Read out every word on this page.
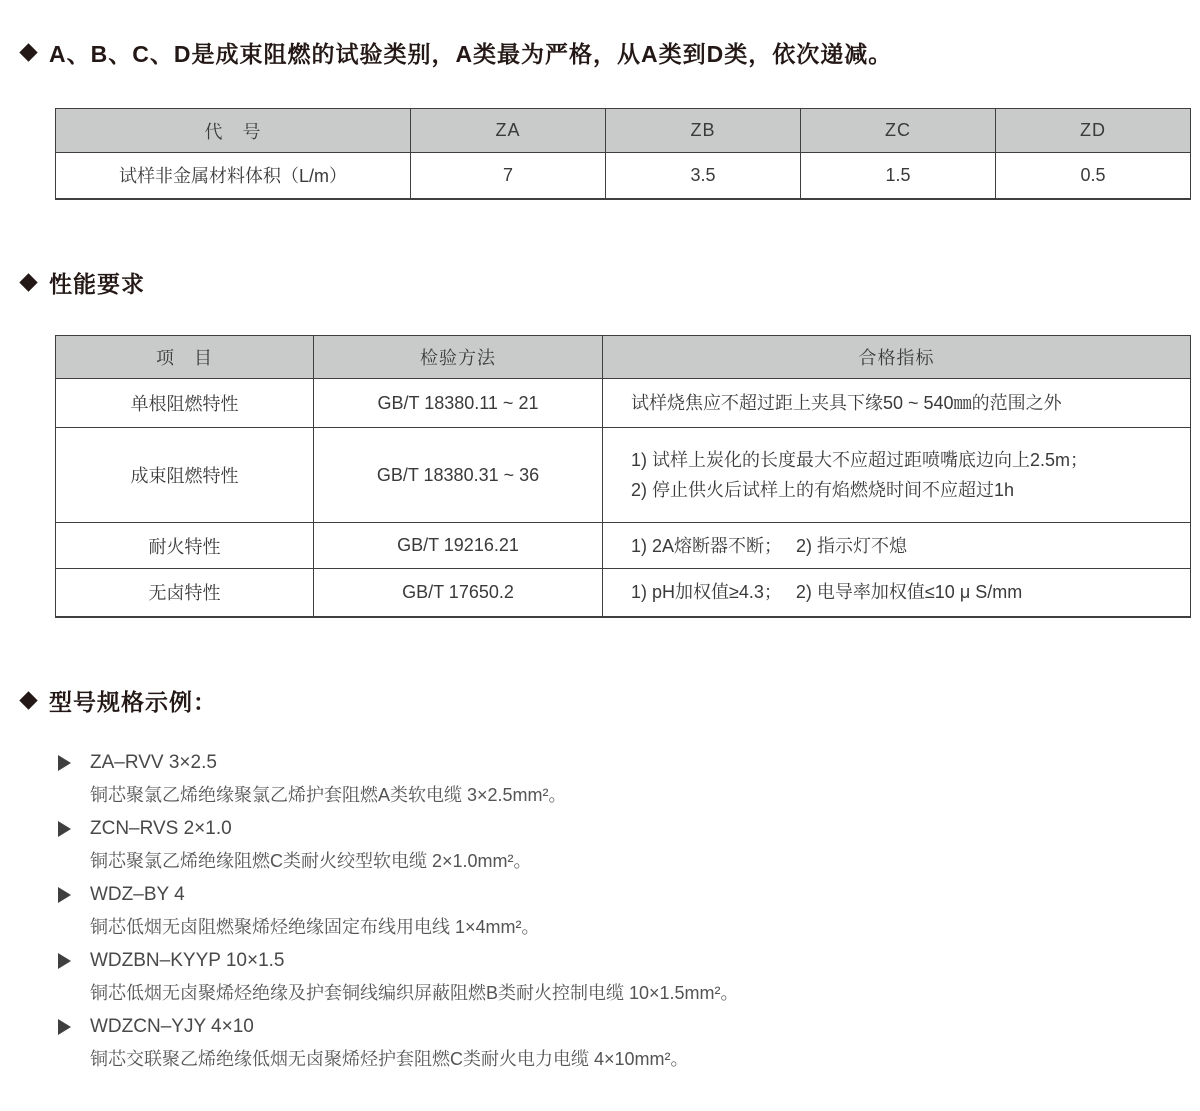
A、B、C、D是成束阻燃的试验类别，A类最为严格，从A类到D类，依次递减。
代　号	ZA	ZB	ZC	ZD
试样非金属材料体积（L/m）	7	3.5	1.5	0.5
性能要求
项　目	检验方法	合格指标
单根阻燃特性	GB/T 18380.11 ~ 21	试样烧焦应不超过距上夹具下缘50 ~ 540㎜的范围之外

成束阻燃特性	GB/T 18380.31 ~ 36	1) 试样上炭化的长度最大不应超过距喷嘴底边向上2.5m；
2) 停止供火后试样上的有焰燃烧时间不应超过1h

耐火特性	GB/T 19216.21	1) 2A熔断器不断；　 2) 指示灯不熄

无卤特性	GB/T 17650.2	1) pH加权值≥4.3；　 2) 电导率加权值≤10 μ S/mm
型号规格示例：
ZA–RVV 3×2.5
铜芯聚氯乙烯绝缘聚氯乙烯护套阻燃A类软电缆 3×2.5mm²。
ZCN–RVS 2×1.0
铜芯聚氯乙烯绝缘阻燃C类耐火绞型软电缆 2×1.0mm²。
WDZ–BY 4
铜芯低烟无卤阻燃聚烯烃绝缘固定布线用电线 1×4mm²。
WDZBN–KYYP 10×1.5
铜芯低烟无卤聚烯烃绝缘及护套铜线编织屏蔽阻燃B类耐火控制电缆 10×1.5mm²。
WDZCN–YJY 4×10
铜芯交联聚乙烯绝缘低烟无卤聚烯烃护套阻燃C类耐火电力电缆 4×10mm²。
